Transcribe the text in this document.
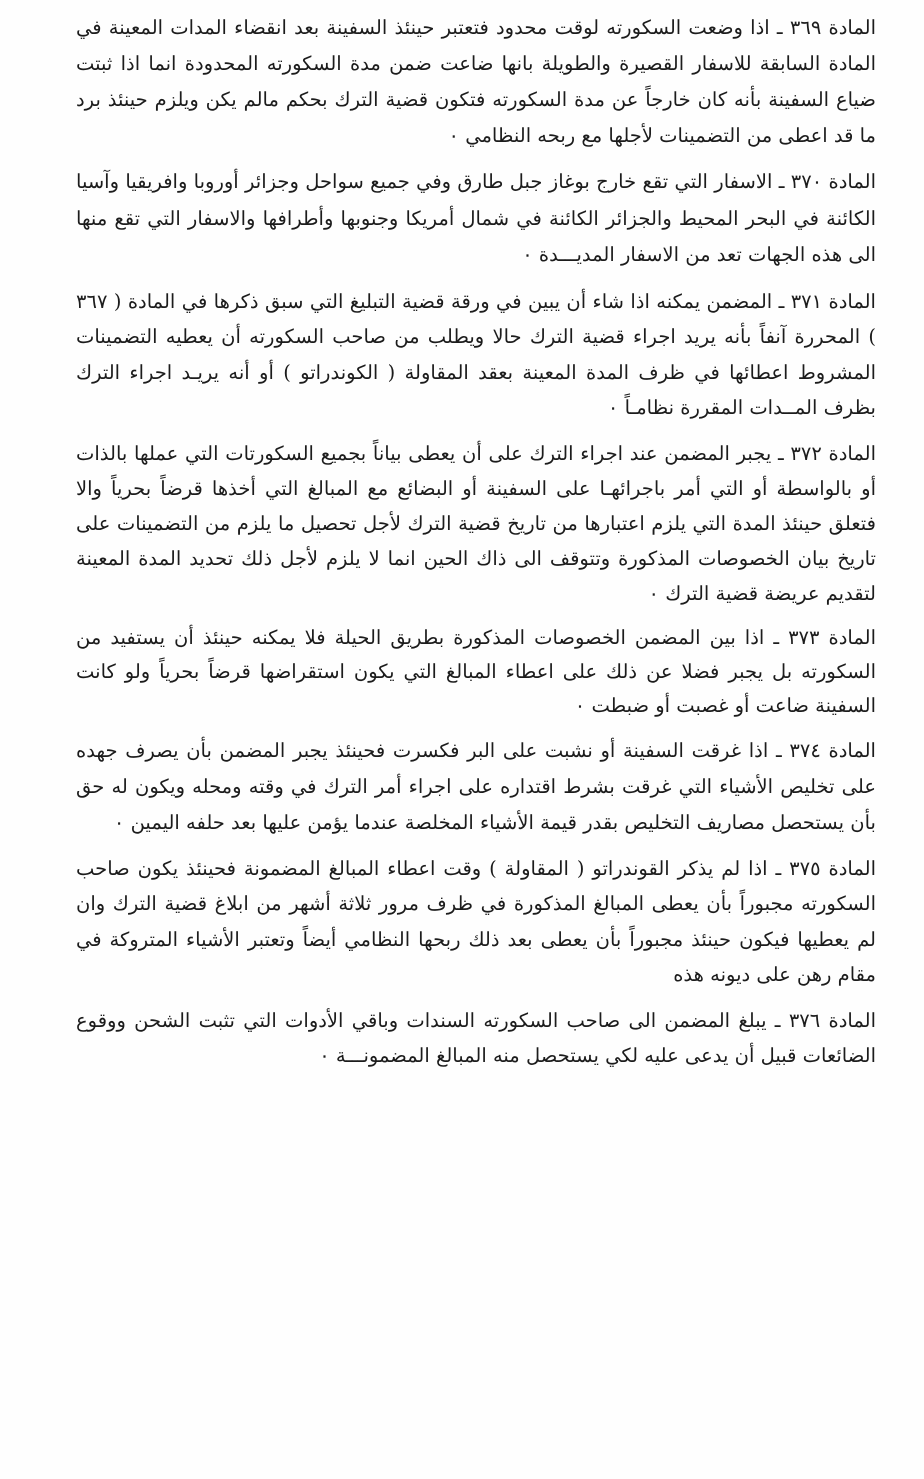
المادة ٣٦٩ ـ اذا وضعت السكورته لوقت محدود فتعتبر حينئذ السفينة بعد انقضاء المدات المعينة في المادة السابقة للاسفار القصيرة والطويلة بانها ضاعت ضمن مدة السكورته المحدودة انما اذا ثبتت ضياع السفينة بأنه كان خارجاً عن مدة السكورته فتكون قضية الترك بحكم مالم يكن ويلزم حينئذ برد ما قد اعطى من التضمينات لأجلها مع ربحه النظامي ٠

المادة ٣٧٠ ـ الاسفار التي تقع خارج بوغاز جبل طارق وفي جميع سواحل وجزائر أوروبا وافريقيا وآسيا الكائنة في البحر المحيط والجزائر الكائنة في شمال أمريكا وجنوبها وأطرافها والاسفار التي تقع منها الى هذه الجهات تعد من الاسفار المديـــدة ٠

المادة ٣٧١ ـ المضمن يمكنه اذا شاء أن يبين في ورقة قضية التبليغ التي سبق ذكرها في المادة ( ٣٦٧ ) المحررة آنفاً بأنه يريد اجراء قضية الترك حالا ويطلب من صاحب السكورته أن يعطيه التضمينات المشروط اعطائها في ظرف المدة المعينة بعقد المقاولة ( الكوندراتو ) أو أنه يريـد اجراء الترك بظرف المــدات المقررة نظامـاً ٠

المادة ٣٧٢ ـ يجبر المضمن عند اجراء الترك على أن يعطى بياناً بجميع السكورتات التي عملها بالذات أو بالواسطة أو التي أمر باجرائهـا على السفينة أو البضائع مع المبالغ التي أخذها قرضاً بحرياً والا فتعلق حينئذ المدة التي يلزم اعتبارها من تاريخ قضية الترك لأجل تحصيل ما يلزم من التضمينات على تاريخ بيان الخصوصات المذكورة وتتوقف الى ذاك الحين انما لا يلزم لأجل ذلك تحديد المدة المعينة لتقديم عريضة قضية الترك ٠

المادة ٣٧٣ ـ اذا بين المضمن الخصوصات المذكورة بطريق الحيلة فلا يمكنه حينئذ أن يستفيد من السكورته بل يجبر فضلا عن ذلك على اعطاء المبالغ التي يكون استقراضها قرضاً بحرياً ولو كانت السفينة ضاعت أو غصبت أو ضبطت ٠

المادة ٣٧٤ ـ اذا غرقت السفينة أو نشبت على البر فكسرت فحينئذ يجبر المضمن بأن يصرف جهده على تخليص الأشياء التي غرقت بشرط اقتداره على اجراء أمر الترك في وقته ومحله ويكون له حق بأن يستحصل مصاريف التخليص بقدر قيمة الأشياء المخلصة عندما يؤمن عليها بعد حلفه اليمين ٠

المادة ٣٧٥ ـ اذا لم يذكر القوندراتو ( المقاولة ) وقت اعطاء المبالغ المضمونة فحينئذ يكون صاحب السكورته مجبوراً بأن يعطى المبالغ المذكورة في ظرف مرور ثلاثة أشهر من ابلاغ قضية الترك وان لم يعطيها فيكون حينئذ مجبوراً بأن يعطى بعد ذلك ربحها النظامي أيضاً وتعتبر الأشياء المتروكة في مقام رهن على ديونه هذه

المادة ٣٧٦ ـ يبلغ المضمن الى صاحب السكورته السندات وباقي الأدوات التي تثبت الشحن ووقوع الضائعات قبيل أن يدعى عليه لكي يستحصل منه المبالغ المضمونـــة ٠
